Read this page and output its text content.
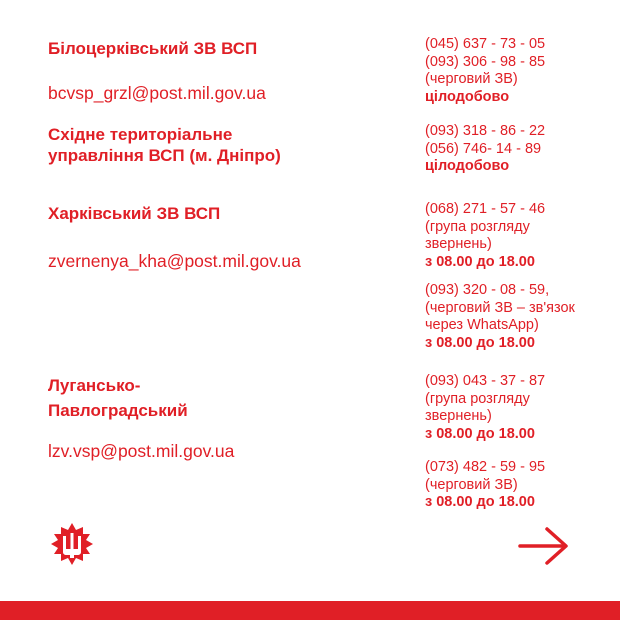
Білоцерківський ЗВ ВСП
bcvsp_grzl@post.mil.gov.ua
(045) 637 - 73 - 05
(093) 306 - 98 - 85
(черговий ЗВ)
цілодобово
Східне територіальне
управління ВСП (м. Дніпро)
(093) 318 - 86 - 22
(056) 746- 14 - 89
цілодобово
Харківський ЗВ ВСП
zvernenya_kha@post.mil.gov.ua
(068) 271 - 57 - 46
(група розгляду
звернень)
з 08.00 до 18.00
(093) 320 - 08 - 59,
(черговий ЗВ – зв'язок
через WhatsApp)
з 08.00 до 18.00
Луганcько-
Павлоградський
lzv.vsp@post.mil.gov.ua
(093) 043 - 37 - 87
(група розгляду
звернень)
з 08.00 до 18.00
(073) 482 - 59 - 95
(черговий ЗВ)
з 08.00 до 18.00
